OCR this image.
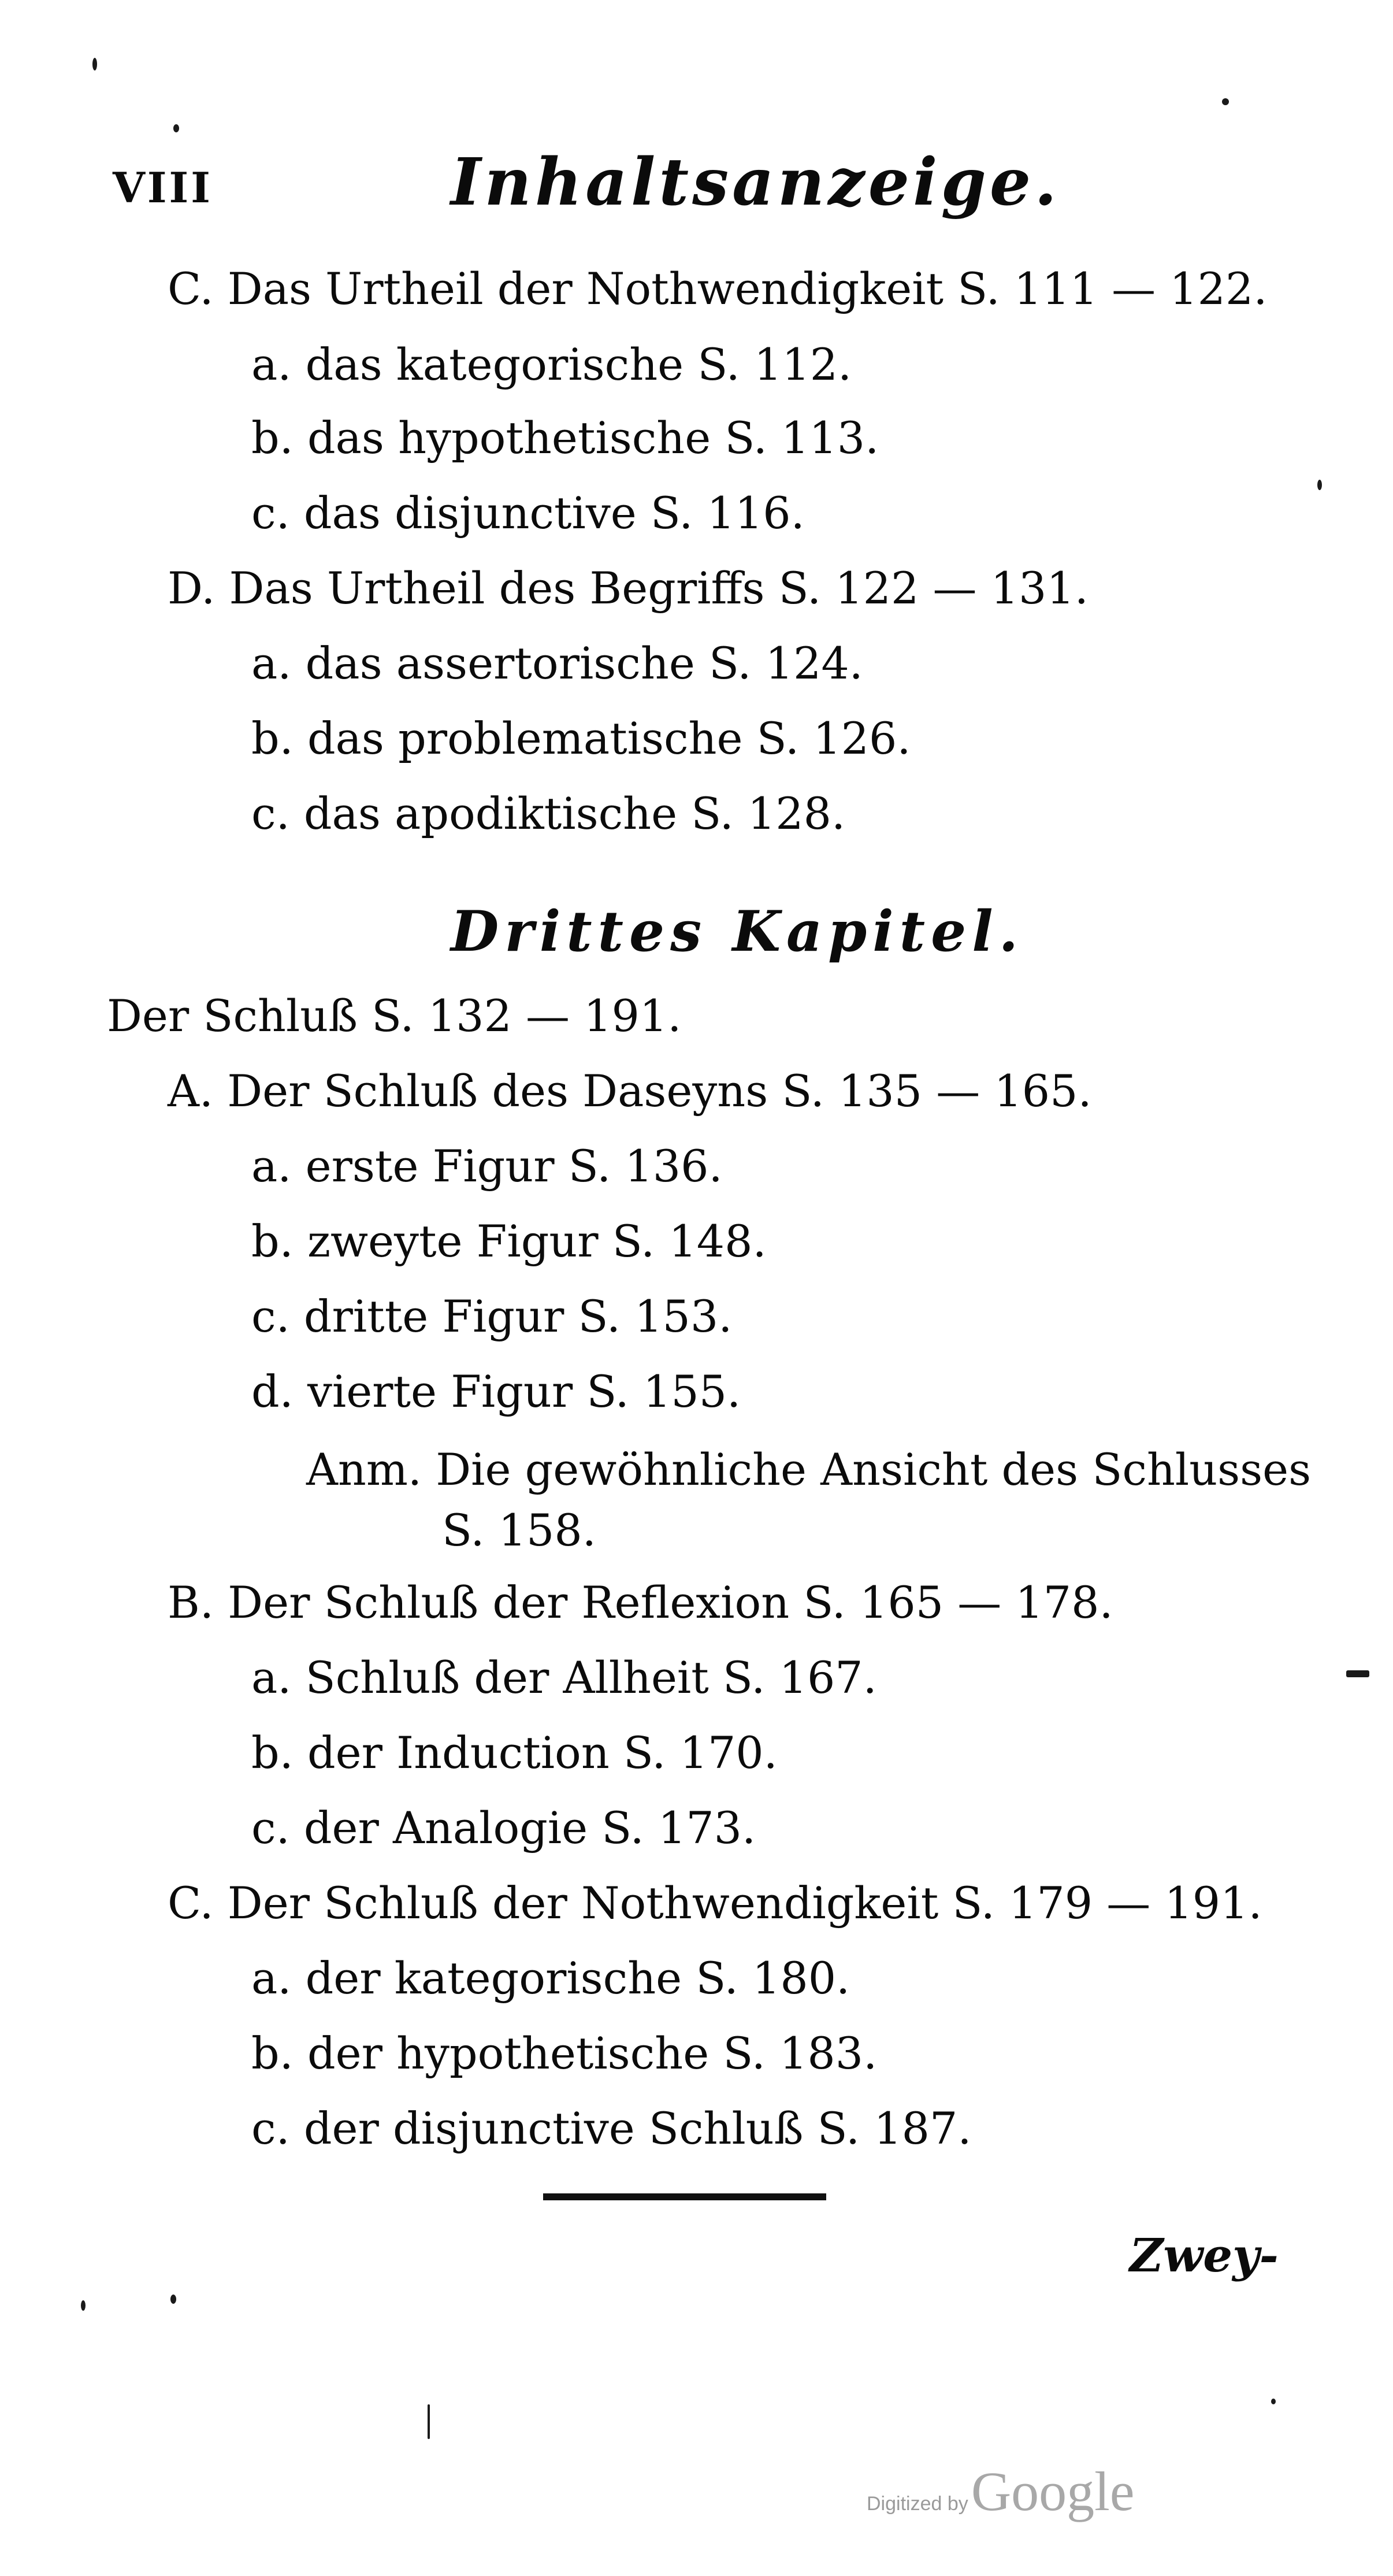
VIII	Inhaltsanzeige.
C. Das Urtheil der Nothwendigkeit S. 111 — 122.
a. das kategorische S. 112.
b. das hypothetische S. 113.
c. das disjunctive S. 116.
D. Das Urtheil des Begriffs S. 122 — 131.
a. das assertorische S. 124.
b. das problematische S. 126.
c. das apodiktische S. 128.
Drittes Kapitel.
Der Schluß S. 132 — 191.
A. Der Schluß des Daseyns S. 135 — 165.
a. erste Figur S. 136.
b. zweyte Figur S. 148.
c. dritte Figur S. 153.
d. vierte Figur S. 155.
Anm. Die gewöhnliche Ansicht des Schlusses
S. 158.
B. Der Schluß der Reflexion S. 165 — 178.
a. Schluß der Allheit S. 167.
b. der Induction S. 170.
c. der Analogie S. 173.
C. Der Schluß der Nothwendigkeit S. 179 — 191.
a. der kategorische S. 180.
b. der hypothetische S. 183.
c. der disjunctive Schluß S. 187.
Zwey-
Digitized by Google
